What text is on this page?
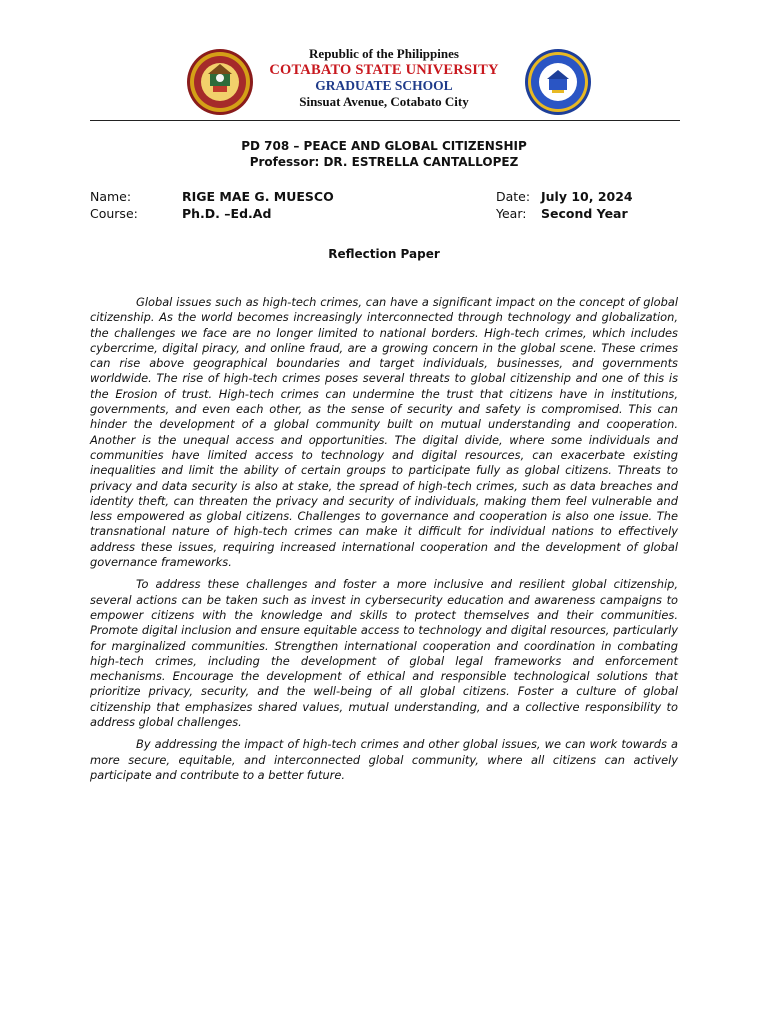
Republic of the Philippines

COTABATO STATE UNIVERSITY

GRADUATE SCHOOL

Sinsuat Avenue, Cotabato City

PD 708 – PEACE AND GLOBAL CITIZENSHIP
Professor: DR. ESTRELLA CANTALLOPEZ
Name:	RIGE MAE G. MUESCO
Course:	Ph.D. –Ed.Ad
Date: July 10, 2024
Year: Second Year
Reflection Paper

Global issues such as high-tech crimes, can have a significant impact on the concept of global citizenship. As the world becomes increasingly interconnected through technology and globalization, the challenges we face are no longer limited to national borders. High-tech crimes, which includes cybercrime, digital piracy, and online fraud, are a growing concern in the global scene. These crimes can rise above geographical boundaries and target individuals, businesses, and governments worldwide. The rise of high-tech crimes poses several threats to global citizenship and one of this is the Erosion of trust. High-tech crimes can undermine the trust that citizens have in institutions, governments, and even each other, as the sense of security and safety is compromised. This can hinder the development of a global community built on mutual understanding and cooperation. Another is the unequal access and opportunities. The digital divide, where some individuals and communities have limited access to technology and digital resources, can exacerbate existing inequalities and limit the ability of certain groups to participate fully as global citizens. Threats to privacy and data security is also at stake, the spread of high-tech crimes, such as data breaches and identity theft, can threaten the privacy and security of individuals, making them feel vulnerable and less empowered as global citizens. Challenges to governance and cooperation is also one issue. The transnational nature of high-tech crimes can make it difficult for individual nations to effectively address these issues, requiring increased international cooperation and the development of global governance frameworks.

To address these challenges and foster a more inclusive and resilient global citizenship, several actions can be taken such as invest in cybersecurity education and awareness campaigns to empower citizens with the knowledge and skills to protect themselves and their communities. Promote digital inclusion and ensure equitable access to technology and digital resources, particularly for marginalized communities. Strengthen international cooperation and coordination in combating high-tech crimes, including the development of global legal frameworks and enforcement mechanisms. Encourage the development of ethical and responsible technological solutions that prioritize privacy, security, and the well-being of all global citizens. Foster a culture of global citizenship that emphasizes shared values, mutual understanding, and a collective responsibility to address global challenges.

By addressing the impact of high-tech crimes and other global issues, we can work towards a more secure, equitable, and interconnected global community, where all citizens can actively participate and contribute to a better future.
